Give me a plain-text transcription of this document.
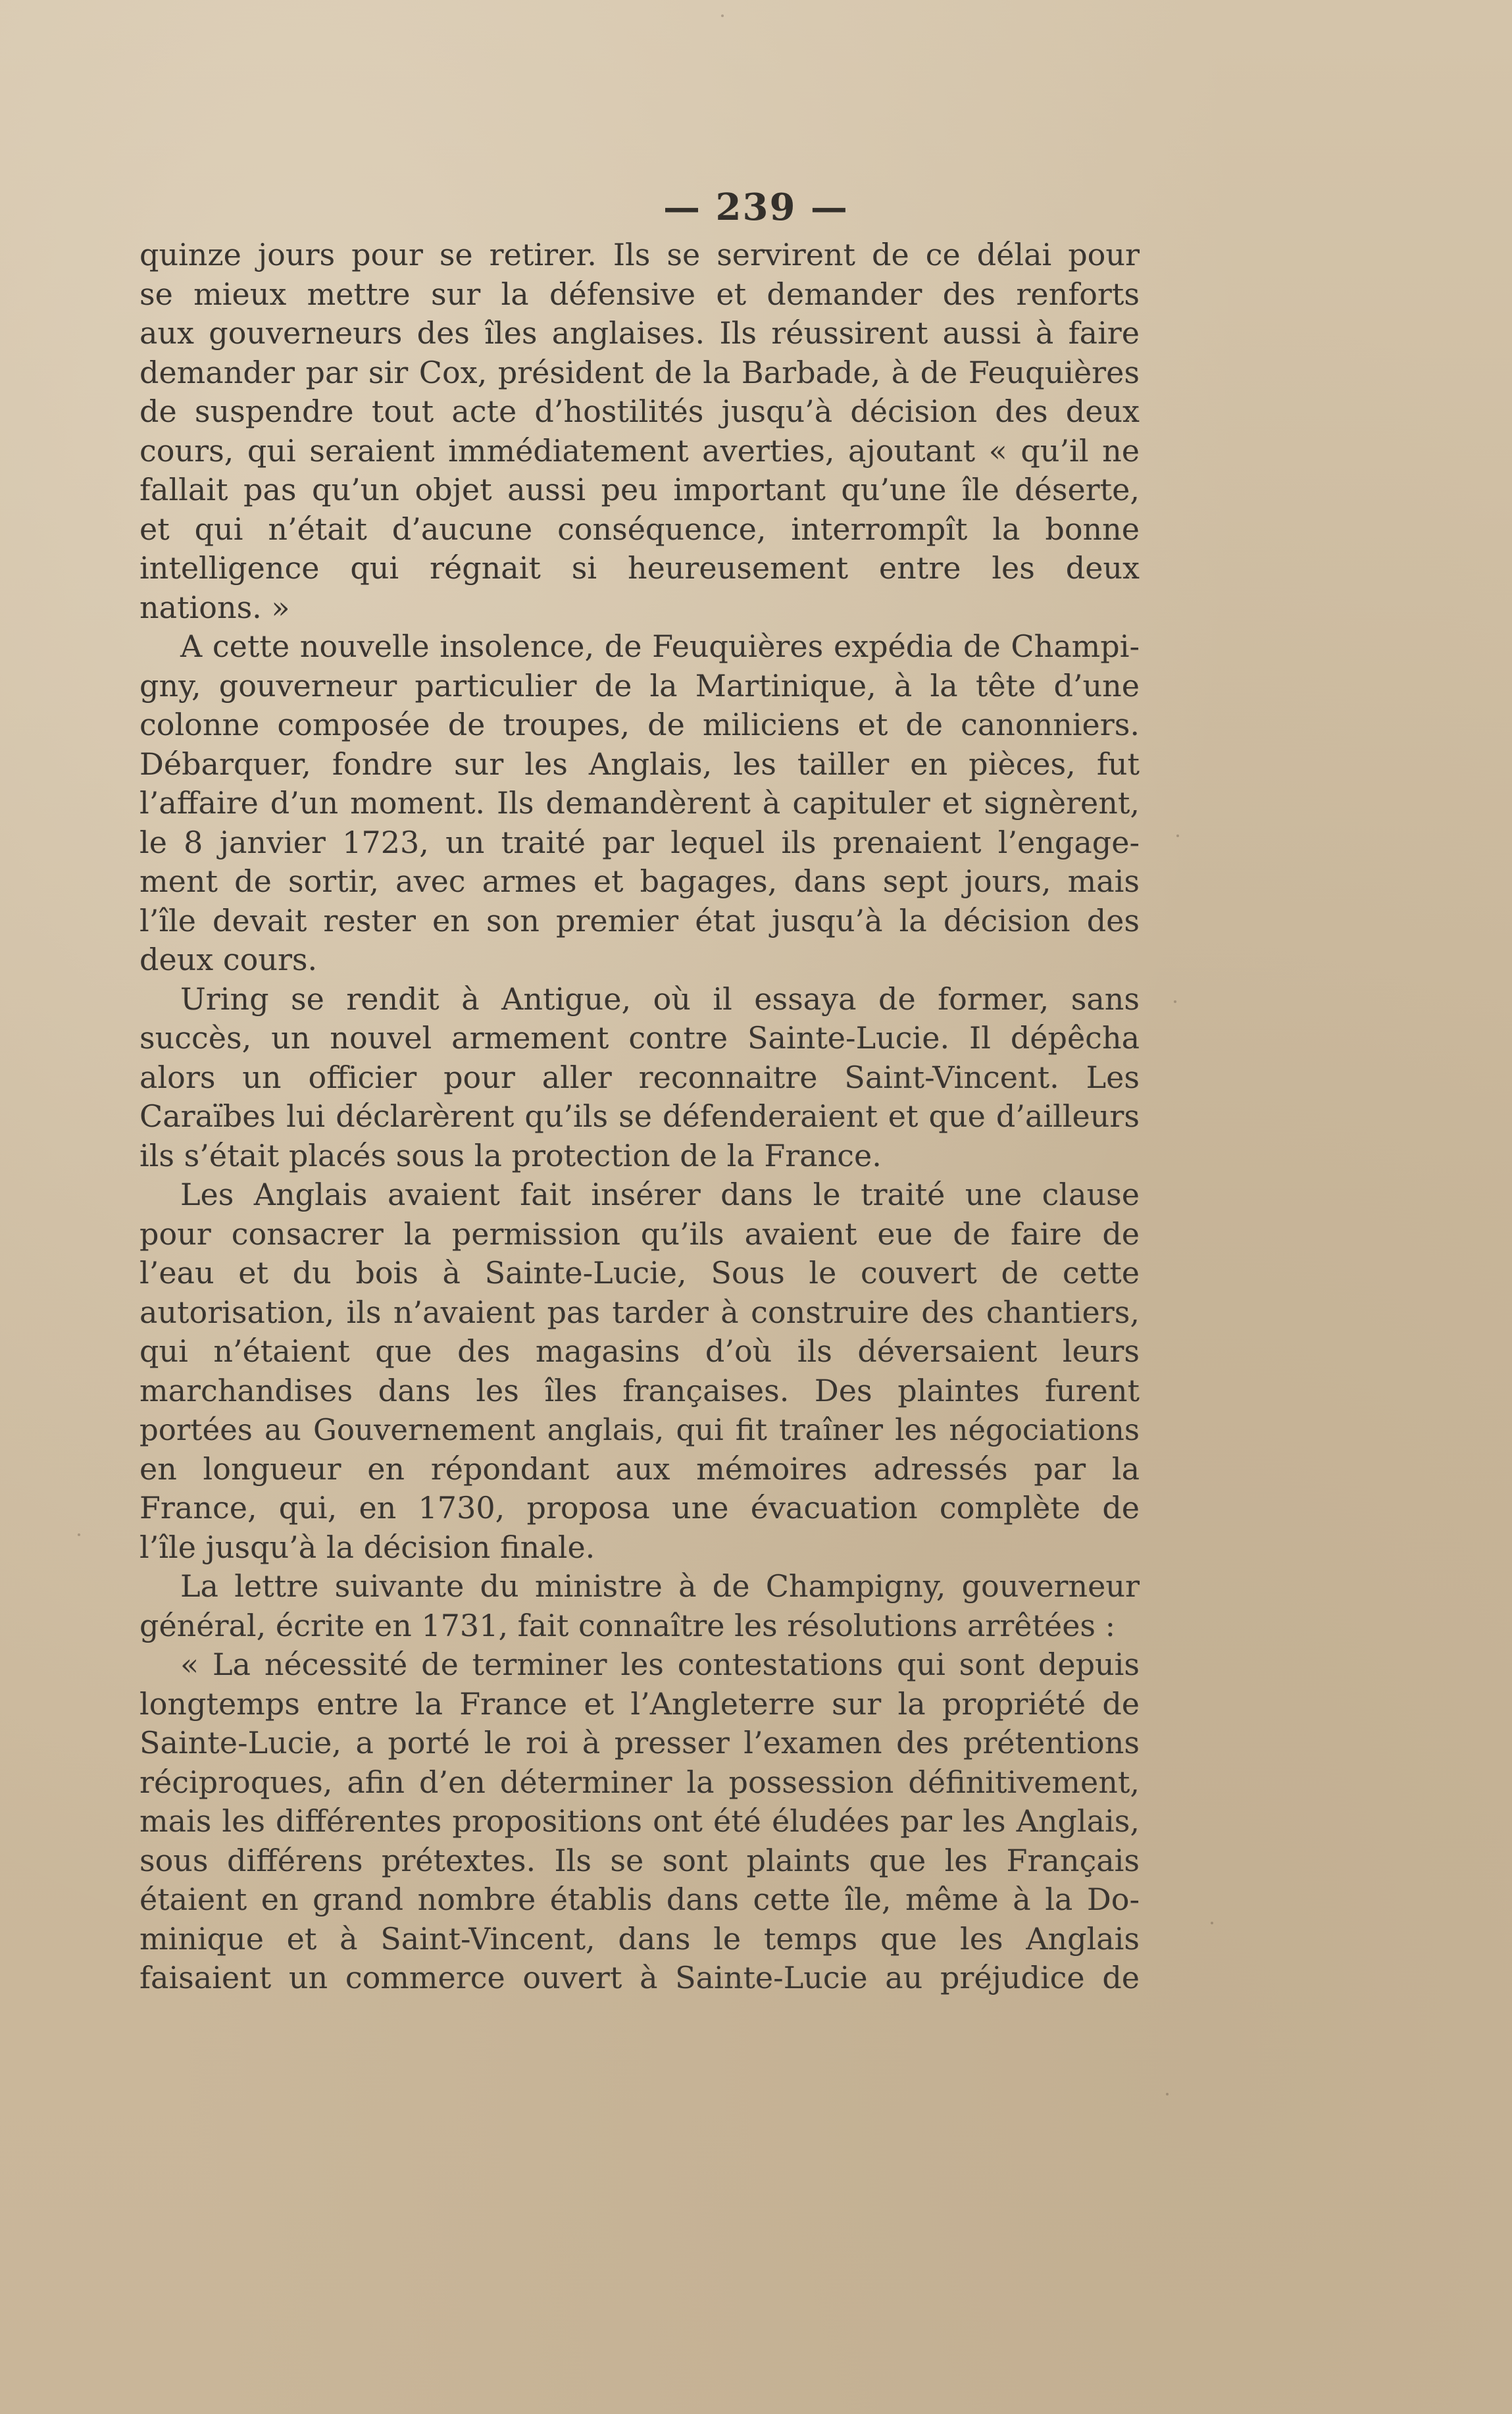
— 239 —
quinze jours pour se retirer. Ils se servirent de ce délai pour
se mieux mettre sur la défensive et demander des renforts
aux gouverneurs des îles anglaises. Ils réussirent aussi à faire
demander par sir Cox, président de la Barbade, à de Feuquières
de suspendre tout acte d’hostilités jusqu’à décision des deux
cours, qui seraient immédiatement averties, ajoutant « qu’il ne
fallait pas qu’un objet aussi peu important qu’une île déserte,
et qui n’était d’aucune conséquence, interrompît la bonne
intelligence qui régnait si heureusement entre les deux
nations. »
A cette nouvelle insolence, de Feuquières expédia de Champi-
gny, gouverneur particulier de la Martinique, à la tête d’une
colonne composée de troupes, de miliciens et de canonniers.
Débarquer, fondre sur les Anglais, les tailler en pièces, fut
l’affaire d’un moment. Ils demandèrent à capituler et signèrent,
le 8 janvier 1723, un traité par lequel ils prenaient l’engage-
ment de sortir, avec armes et bagages, dans sept jours, mais
l’île devait rester en son premier état jusqu’à la décision des
deux cours.
Uring se rendit à Antigue, où il essaya de former, sans
succès, un nouvel armement contre Sainte-Lucie. Il dépêcha
alors un officier pour aller reconnaitre Saint-Vincent. Les
Caraïbes lui déclarèrent qu’ils se défenderaient et que d’ailleurs
ils s’était placés sous la protection de la France.
Les Anglais avaient fait insérer dans le traité une clause
pour consacrer la permission qu’ils avaient eue de faire de
l’eau et du bois à Sainte-Lucie, Sous le couvert de cette
autorisation, ils n’avaient pas tarder à construire des chantiers,
qui n’étaient que des magasins d’où ils déversaient leurs
marchandises dans les îles françaises. Des plaintes furent
portées au Gouvernement anglais, qui fit traîner les négociations
en longueur en répondant aux mémoires adressés par la
France, qui, en 1730, proposa une évacuation complète de
l’île jusqu’à la décision finale.
La lettre suivante du ministre à de Champigny, gouverneur
général, écrite en 1731, fait connaître les résolutions arrêtées :
« La nécessité de terminer les contestations qui sont depuis
longtemps entre la France et l’Angleterre sur la propriété de
Sainte-Lucie, a porté le roi à presser l’examen des prétentions
réciproques, afin d’en déterminer la possession définitivement,
mais les différentes propositions ont été éludées par les Anglais,
sous différens prétextes. Ils se sont plaints que les Français
étaient en grand nombre établis dans cette île, même à la Do-
minique et à Saint-Vincent, dans le temps que les Anglais
faisaient un commerce ouvert à Sainte-Lucie au préjudice de
